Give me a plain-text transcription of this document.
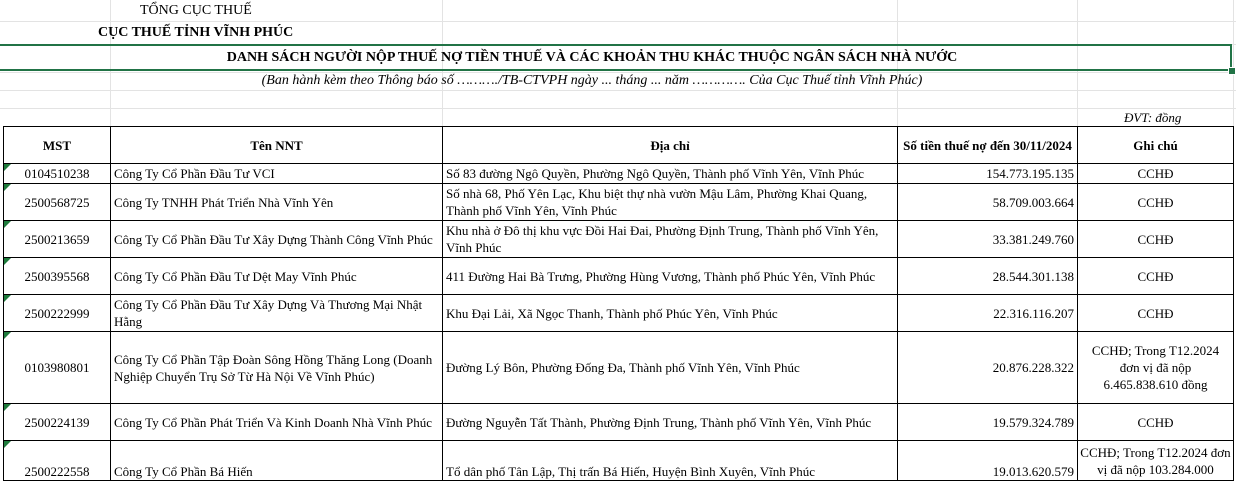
TỔNG CỤC THUẾ
CỤC THUẾ TỈNH VĨNH PHÚC
DANH SÁCH NGƯỜI NỘP THUẾ NỢ TIỀN THUẾ VÀ CÁC KHOẢN THU KHÁC THUỘC NGÂN SÁCH NHÀ NƯỚC
(Ban hành kèm theo Thông báo số ………./TB-CTVPH ngày ... tháng ... năm …………. Của Cục Thuế tỉnh Vĩnh Phúc)
ĐVT: đồng
MST	Tên NNT	Địa chỉ	Số tiền thuế nợ đến 30/11/2024	Ghi chú

0104510238	Công Ty Cổ Phần Đầu Tư VCI	Số 83 đường Ngô Quyền, Phường Ngô Quyền, Thành phố Vĩnh Yên, Vĩnh Phúc	154.773.195.135	CCHĐ

2500568725	Công Ty TNHH Phát Triển Nhà Vĩnh Yên	Số nhà 68, Phố Yên Lạc, Khu biệt thự nhà vườn Mậu Lâm, Phường Khai Quang, Thành phố Vĩnh Yên, Vĩnh Phúc	58.709.003.664	CCHĐ

2500213659	Công Ty Cổ Phần Đầu Tư Xây Dựng Thành Công Vĩnh Phúc	Khu nhà ở Đô thị khu vực Đồi Hai Đai, Phường Định Trung, Thành phố Vĩnh Yên, Vĩnh Phúc	33.381.249.760	CCHĐ

2500395568	Công Ty Cổ Phần Đầu Tư Dệt May Vĩnh Phúc	411 Đường Hai Bà Trưng, Phường Hùng Vương, Thành phố Phúc Yên, Vĩnh Phúc	28.544.301.138	CCHĐ

2500222999	Công Ty Cổ Phần Đầu Tư Xây Dựng Và Thương Mại Nhật Hằng	Khu Đại Lải, Xã Ngọc Thanh, Thành phố Phúc Yên, Vĩnh Phúc	22.316.116.207	CCHĐ

0103980801	Công Ty Cổ Phần Tập Đoàn Sông Hồng Thăng Long (Doanh Nghiệp Chuyển Trụ Sở Từ Hà Nội Về Vĩnh Phúc)	Đường Lý Bôn, Phường Đống Đa, Thành phố Vĩnh Yên, Vĩnh Phúc	20.876.228.322	CCHĐ; Trong T12.2024 đơn vị đã nộp 6.465.838.610 đồng

2500224139	Công Ty Cổ Phần Phát Triển Và Kinh Doanh Nhà Vĩnh Phúc	Đường Nguyễn Tất Thành, Phường Định Trung, Thành phố Vĩnh Yên, Vĩnh Phúc	19.579.324.789	CCHĐ

2500222558	Công Ty Cổ Phần Bá Hiến	Tổ dân phố Tân Lập, Thị trấn Bá Hiến, Huyện Bình Xuyên, Vĩnh Phúc	19.013.620.579	CCHĐ; Trong T12.2024 đơn vị đã nộp 103.284.000
